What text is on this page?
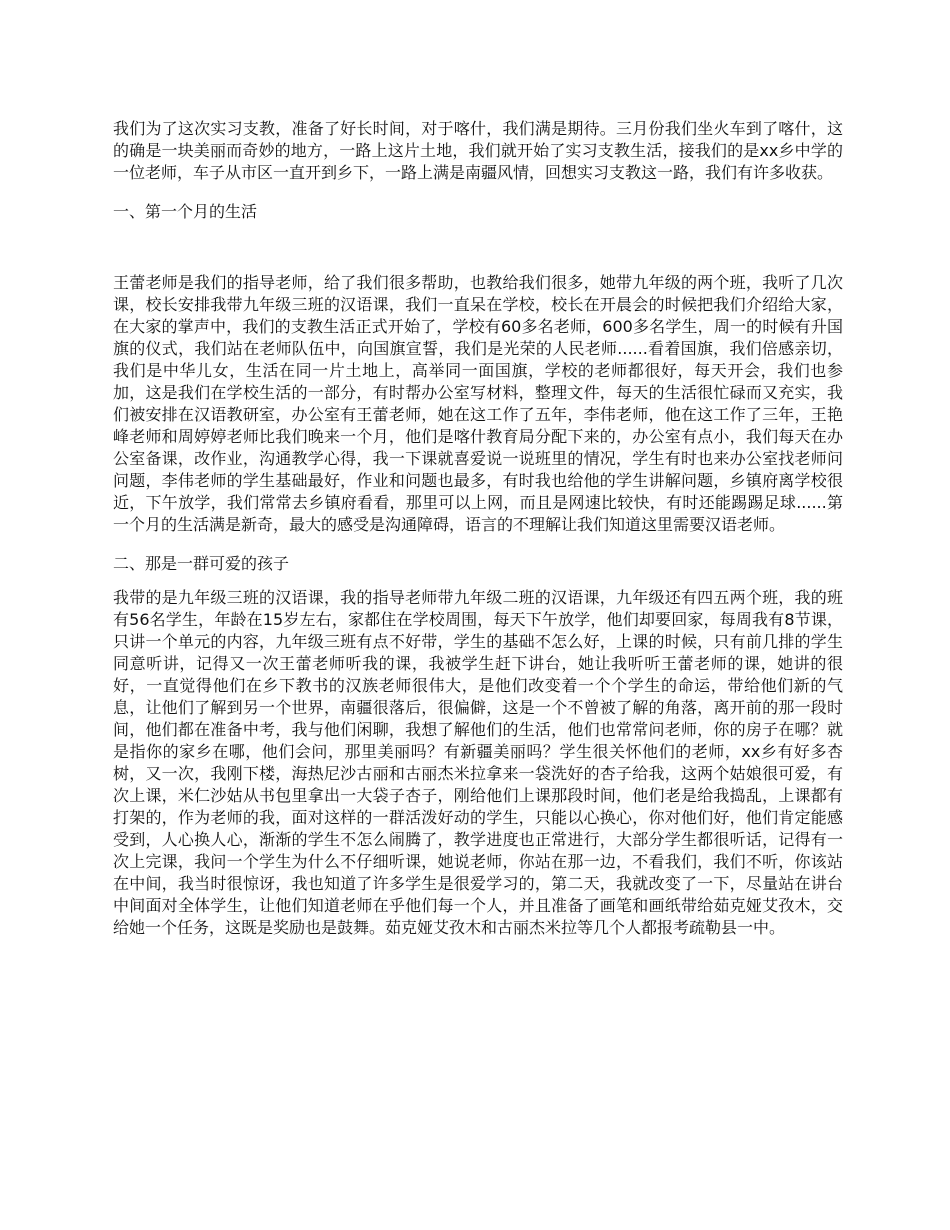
我们为了这次实习支教，准备了好长时间，对于喀什，我们满是期待。三月份我们坐火车到了喀什，这的确是一块美丽而奇妙的地方，一路上这片土地，我们就开始了实习支教生活，接我们的是xx乡中学的一位老师，车子从市区一直开到乡下，一路上满是南疆风情，回想实习支教这一路，我们有许多收获。

一、第一个月的生活

王蕾老师是我们的指导老师，给了我们很多帮助，也教给我们很多，她带九年级的两个班，我听了几次课，校长安排我带九年级三班的汉语课，我们一直呆在学校，校长在开晨会的时候把我们介绍给大家，在大家的掌声中，我们的支教生活正式开始了，学校有60多名老师，600多名学生，周一的时候有升国旗的仪式，我们站在老师队伍中，向国旗宣誓，我们是光荣的人民老师......看着国旗，我们倍感亲切，我们是中华儿女，生活在同一片土地上，高举同一面国旗，学校的老师都很好，每天开会，我们也参加，这是我们在学校生活的一部分，有时帮办公室写材料，整理文件，每天的生活很忙碌而又充实，我们被安排在汉语教研室，办公室有王蕾老师，她在这工作了五年，李伟老师，他在这工作了三年，王艳峰老师和周婷婷老师比我们晚来一个月，他们是喀什教育局分配下来的，办公室有点小，我们每天在办公室备课，改作业，沟通教学心得，我一下课就喜爱说一说班里的情况，学生有时也来办公室找老师问问题，李伟老师的学生基础最好，作业和问题也最多，有时我也给他的学生讲解问题，乡镇府离学校很近，下午放学，我们常常去乡镇府看看，那里可以上网，而且是网速比较快，有时还能踢踢足球......第一个月的生活满是新奇，最大的感受是沟通障碍，语言的不理解让我们知道这里需要汉语老师。

二、那是一群可爱的孩子

我带的是九年级三班的汉语课，我的指导老师带九年级二班的汉语课，九年级还有四五两个班，我的班有56名学生，年龄在15岁左右，家都住在学校周围，每天下午放学，他们却要回家，每周我有8节课，只讲一个单元的内容，九年级三班有点不好带，学生的基础不怎么好，上课的时候，只有前几排的学生同意听讲，记得又一次王蕾老师听我的课，我被学生赶下讲台，她让我听听王蕾老师的课，她讲的很好，一直觉得他们在乡下教书的汉族老师很伟大，是他们改变着一个个学生的命运，带给他们新的气息，让他们了解到另一个世界，南疆很落后，很偏僻，这是一个不曾被了解的角落，离开前的那一段时间，他们都在准备中考，我与他们闲聊，我想了解他们的生活，他们也常常问老师，你的房子在哪？就是指你的家乡在哪，他们会问，那里美丽吗？有新疆美丽吗？学生很关怀他们的老师，xx乡有好多杏树，又一次，我刚下楼，海热尼沙古丽和古丽杰米拉拿来一袋洗好的杏子给我，这两个姑娘很可爱，有次上课，米仁沙姑从书包里拿出一大袋子杏子，刚给他们上课那段时间，他们老是给我捣乱，上课都有打架的，作为老师的我，面对这样的一群活泼好动的学生，只能以心换心，你对他们好，他们肯定能感受到，人心换人心，渐渐的学生不怎么闹腾了，教学进度也正常进行，大部分学生都很听话，记得有一次上完课，我问一个学生为什么不仔细听课，她说老师，你站在那一边，不看我们，我们不听，你该站在中间，我当时很惊讶，我也知道了许多学生是很爱学习的，第二天，我就改变了一下，尽量站在讲台中间面对全体学生，让他们知道老师在乎他们每一个人，并且准备了画笔和画纸带给茹克娅艾孜木，交给她一个任务，这既是奖励也是鼓舞。茹克娅艾孜木和古丽杰米拉等几个人都报考疏勒县一中。
